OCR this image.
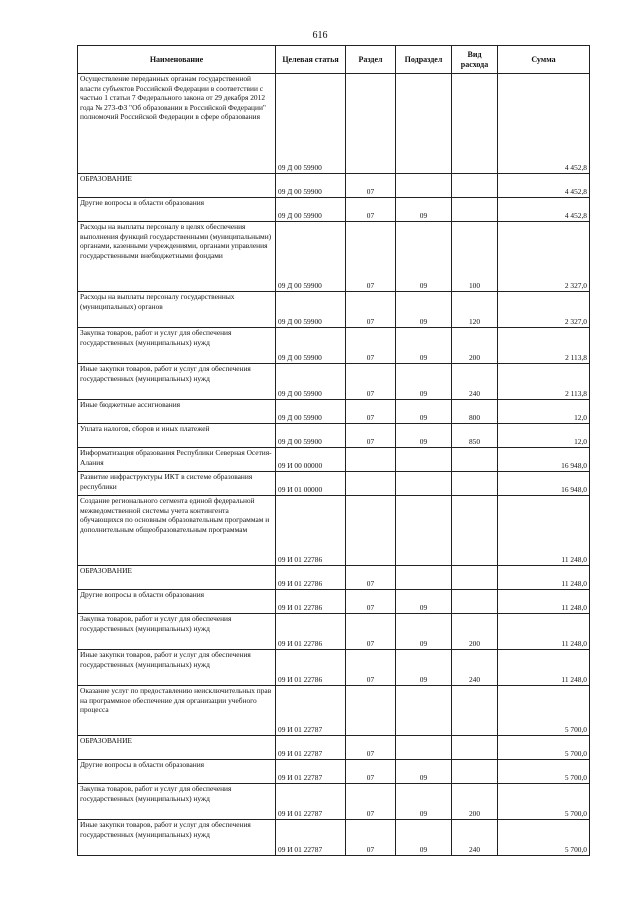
616
Наименование	Целевая статья	Раздел	Подраздел	Вид расхода	Сумма
Осуществление переданных органам государственной власти субъектов Российской Федерации в соответствии с частью 1 статьи 7 Федерального закона от 29 декабря 2012 года № 273-ФЗ "Об образовании в Российской Федерации" полномочий Российской Федерации в сфере образования	09 Д 00 59900				4 452,8
ОБРАЗОВАНИЕ	09 Д 00 59900	07			4 452,8
Другие вопросы в области образования	09 Д 00 59900	07	09		4 452,8
Расходы на выплаты персоналу в целях обеспечения выполнения функций государственными (муниципальными) органами, казенными учреждениями, органами управления государственными внебюджетными фондами	09 Д 00 59900	07	09	100	2 327,0
Расходы на выплаты персоналу государственных (муниципальных) органов	09 Д 00 59900	07	09	120	2 327,0
Закупка товаров, работ и услуг для обеспечения государственных (муниципальных) нужд	09 Д 00 59900	07	09	200	2 113,8
Иные закупки товаров, работ и услуг для обеспечения государственных (муниципальных) нужд	09 Д 00 59900	07	09	240	2 113,8
Иные бюджетные ассигнования	09 Д 00 59900	07	09	800	12,0
Уплата налогов, сборов и иных платежей	09 Д 00 59900	07	09	850	12,0
Информатизация образования Республики Северная Осетия-Алания	09 И 00 00000				16 948,0
Развитие инфраструктуры ИКТ в системе образования республики	09 И 01 00000				16 948,0
Создание регионального сегмента единой федеральной межведомственной системы учета контингента обучающихся по основным образовательным программам и дополнительным общеобразовательным программам	09 И 01 22786				11 248,0
ОБРАЗОВАНИЕ	09 И 01 22786	07			11 248,0
Другие вопросы в области образования	09 И 01 22786	07	09		11 248,0
Закупка товаров, работ и услуг для обеспечения государственных (муниципальных) нужд	09 И 01 22786	07	09	200	11 248,0
Иные закупки товаров, работ и услуг для обеспечения государственных (муниципальных) нужд	09 И 01 22786	07	09	240	11 248,0
Оказание услуг по предоставлению неисключительных прав на программное обеспечение для организации учебного процесса	09 И 01 22787				5 700,0
ОБРАЗОВАНИЕ	09 И 01 22787	07			5 700,0
Другие вопросы в области образования	09 И 01 22787	07	09		5 700,0
Закупка товаров, работ и услуг для обеспечения государственных (муниципальных) нужд	09 И 01 22787	07	09	200	5 700,0
Иные закупки товаров, работ и услуг для обеспечения государственных (муниципальных) нужд	09 И 01 22787	07	09	240	5 700,0
